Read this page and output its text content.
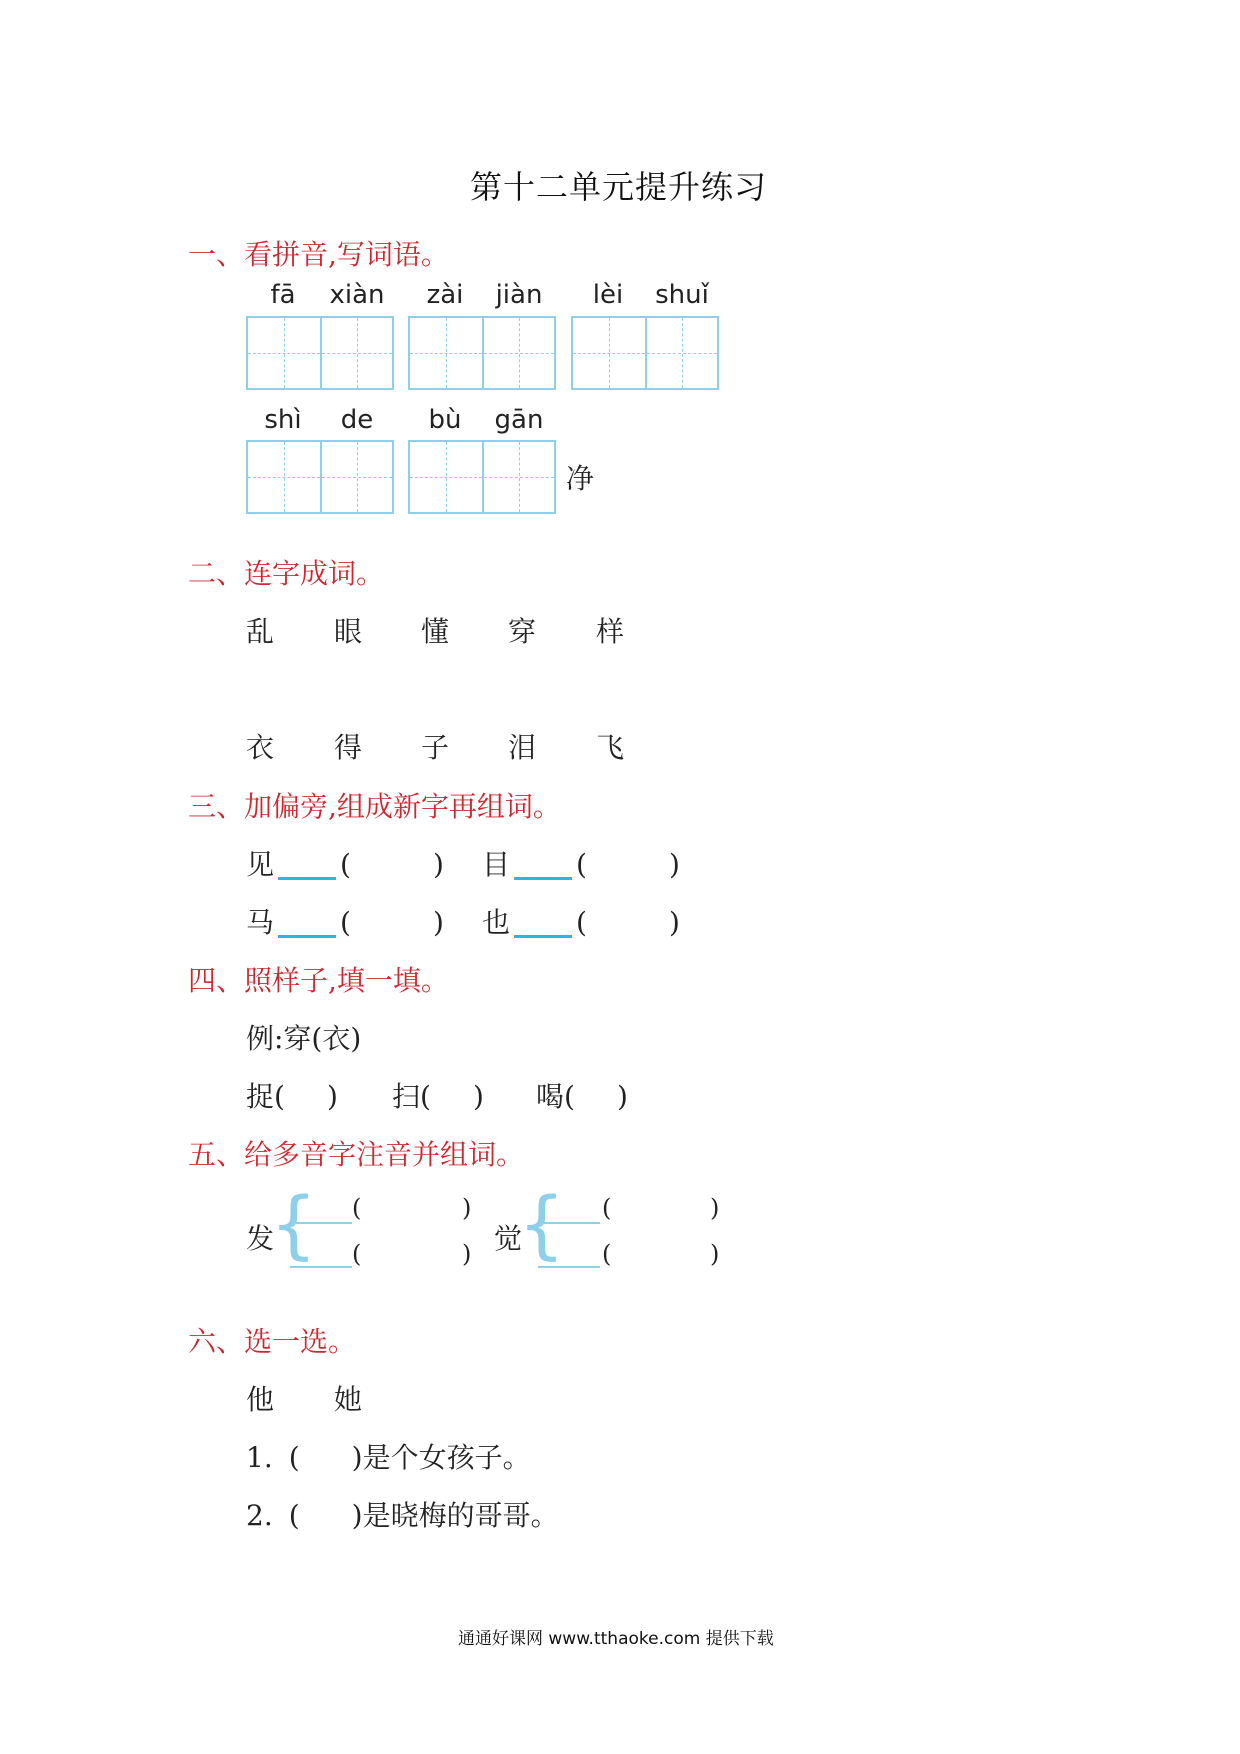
第十二单元提升练习
一、看拼音,写词语。
fā	xiàn	zài	jiàn	lèi	shuǐ
shì	de	bù	gān
净
二、连字成词。
乱 眼 懂 穿 样
衣 得 子 泪 飞
三、加偏旁,组成新字再组词。
见 (	) 目 (	)
马 (	) 也 (	)
四、照样子,填一填。
例:穿(衣)
捉( ) 扫( ) 喝( )
五、给多音字注音并组词。
发
{ (	)
(	) 觉
{ (	)
(	)
六、选一选。
他 她
1. ( )是个女孩子。
2. ( )是晓梅的哥哥。
通通好课网 www.tthaoke.com 提供下载
